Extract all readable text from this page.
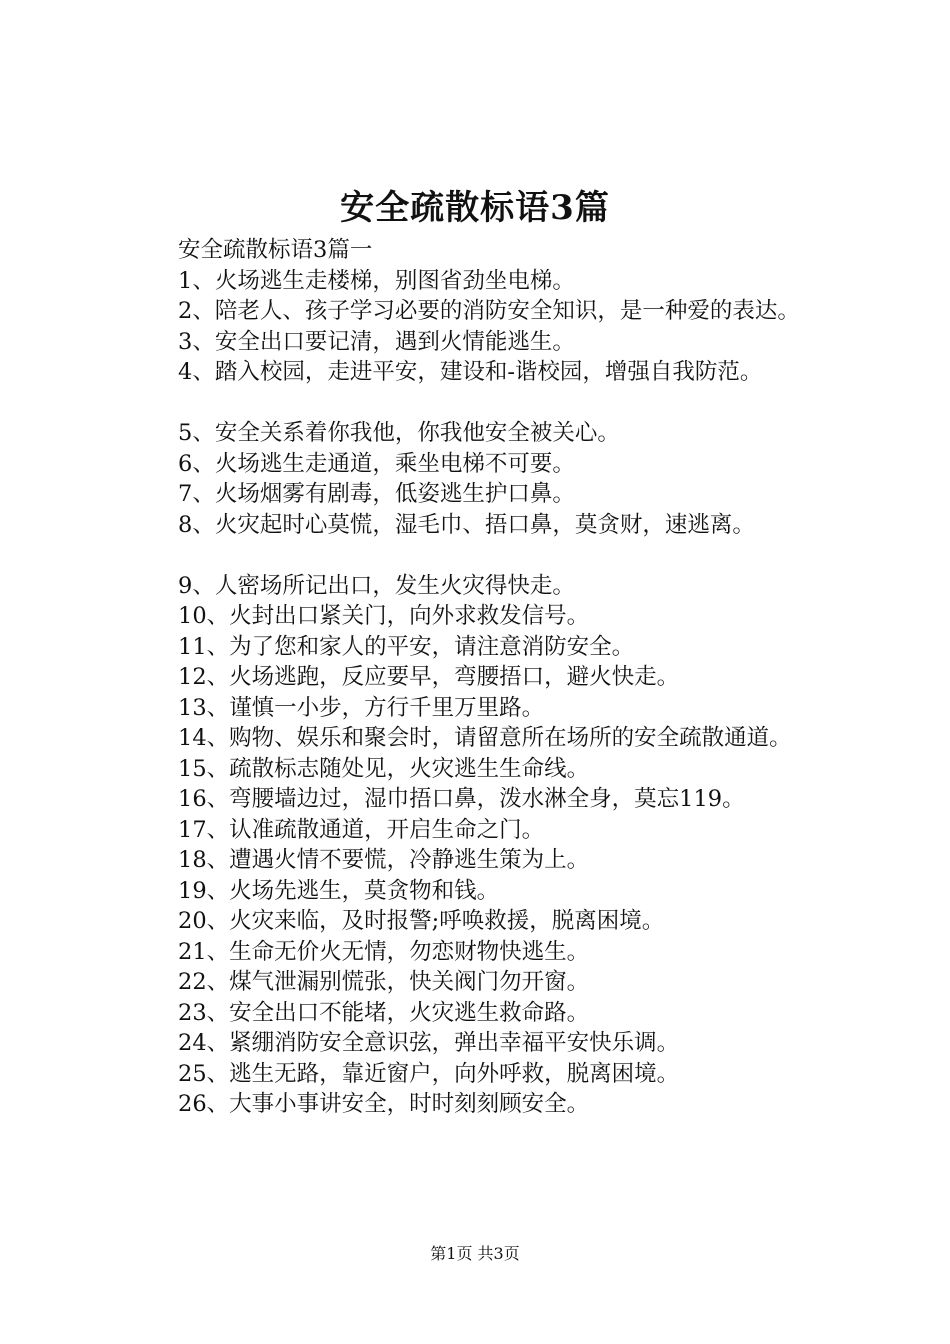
安全疏散标语3篇

安全疏散标语3篇一

1、火场逃生走楼梯，别图省劲坐电梯。

2、陪老人、孩子学习必要的消防安全知识，是一种爱的表达。

3、安全出口要记清，遇到火情能逃生。

4、踏入校园，走进平安，建设和-谐校园，增强自我防范。

5、安全关系着你我他，你我他安全被关心。

6、火场逃生走通道，乘坐电梯不可要。

7、火场烟雾有剧毒，低姿逃生护口鼻。

8、火灾起时心莫慌，湿毛巾、捂口鼻，莫贪财，速逃离。

9、人密场所记出口，发生火灾得快走。

10、火封出口紧关门，向外求救发信号。

11、为了您和家人的平安，请注意消防安全。

12、火场逃跑，反应要早，弯腰捂口，避火快走。

13、谨慎一小步，方行千里万里路。

14、购物、娱乐和聚会时，请留意所在场所的安全疏散通道。

15、疏散标志随处见，火灾逃生生命线。

16、弯腰墙边过，湿巾捂口鼻，泼水淋全身，莫忘119。

17、认准疏散通道，开启生命之门。

18、遭遇火情不要慌，冷静逃生策为上。

19、火场先逃生，莫贪物和钱。

20、火灾来临，及时报警;呼唤救援，脱离困境。

21、生命无价火无情，勿恋财物快逃生。

22、煤气泄漏别慌张，快关阀门勿开窗。

23、安全出口不能堵，火灾逃生救命路。

24、紧绷消防安全意识弦，弹出幸福平安快乐调。

25、逃生无路，靠近窗户，向外呼救，脱离困境。

26、大事小事讲安全，时时刻刻顾安全。

第1页 共3页
